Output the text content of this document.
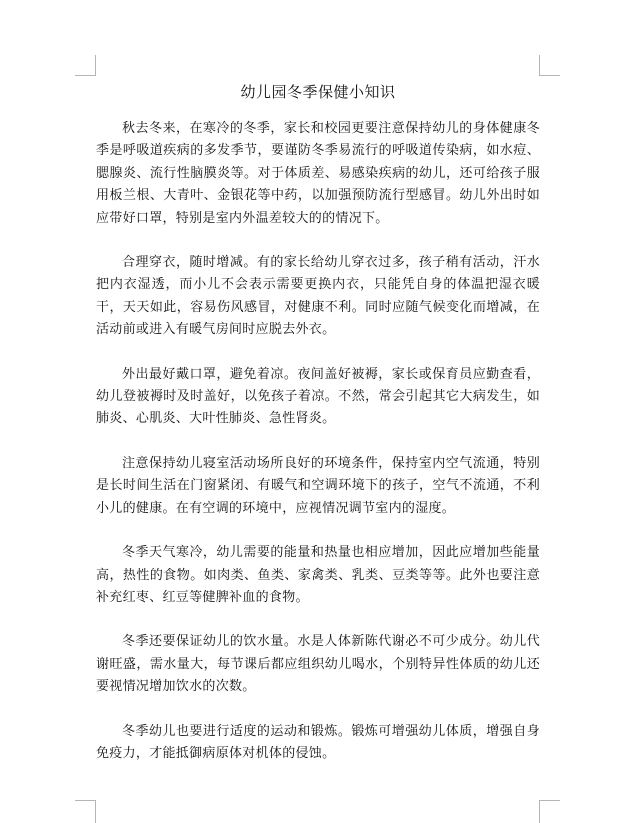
幼儿园冬季保健小知识

秋去冬来，在寒冷的冬季，家长和校园更要注意保持幼儿的身体健康冬季是呼吸道疾病的多发季节，要谨防冬季易流行的呼吸道传染病，如水痘、腮腺炎、流行性脑膜炎等。对于体质差、易感染疾病的幼儿，还可给孩子服用板兰根、大青叶、金银花等中药，以加强预防流行型感冒。幼儿外出时如应带好口罩，特别是室内外温差较大的的情况下。

合理穿衣，随时增减。有的家长给幼儿穿衣过多，孩子稍有活动，汗水把内衣湿透，而小儿不会表示需要更换内衣，只能凭自身的体温把湿衣暖干，天天如此，容易伤风感冒，对健康不利。同时应随气候变化而增减，在活动前或进入有暖气房间时应脱去外衣。

外出最好戴口罩，避免着凉。夜间盖好被褥，家长或保育员应勤查看，幼儿登被褥时及时盖好，以免孩子着凉。不然，常会引起其它大病发生，如肺炎、心肌炎、大叶性肺炎、急性肾炎。

注意保持幼儿寝室活动场所良好的环境条件，保持室内空气流通，特别是长时间生活在门窗紧闭、有暖气和空调环境下的孩子，空气不流通，不利小儿的健康。在有空调的环境中，应视情况调节室内的湿度。

冬季天气寒冷，幼儿需要的能量和热量也相应增加，因此应增加些能量高，热性的食物。如肉类、鱼类、家禽类、乳类、豆类等等。此外也要注意补充红枣、红豆等健脾补血的食物。

冬季还要保证幼儿的饮水量。水是人体新陈代谢必不可少成分。幼儿代谢旺盛，需水量大，每节课后都应组织幼儿喝水，个别特异性体质的幼儿还要视情况增加饮水的次数。

冬季幼儿也要进行适度的运动和锻炼。锻炼可增强幼儿体质，增强自身免疫力，才能抵御病原体对机体的侵蚀。
